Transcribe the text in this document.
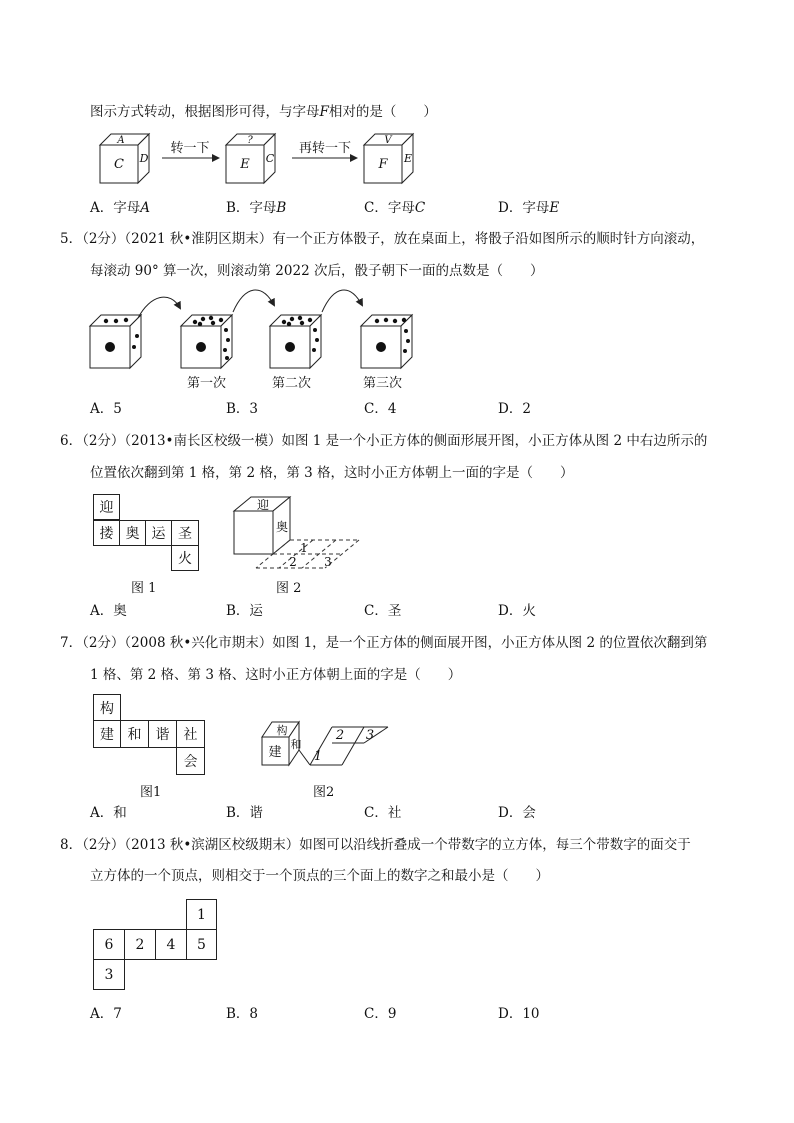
图示方式转动，根据图形可得，与字母F相对的是（　　）
A
C D
转一下
?
E C
再转一下
V
F E
A．字母A	B．字母B	C．字母C	D．字母E
5．（2分）（2021 秋•淮阴区期末）有一个正方体骰子，放在桌面上，将骰子沿如图所示的顺时针方向滚动，
每滚动 90° 算一次，则滚动第 2022 次后，骰子朝下一面的点数是（　　）
第一次	第二次	第三次
A．5	B．3	C．4	D．2
6．（2分）（2013•南长区校级一模）如图 1 是一个小正方体的侧面形展开图，小正方体从图 2 中右边所示的
位置依次翻到第 1 格，第 2 格，第 3 格，这时小正方体朝上一面的字是（　　）
迎
搂 奥 运 圣
火
图 1
迎
奥
1
2 3
图 2
A．奥	B．运	C．圣	D．火
7．（2分）（2008 秋•兴化市期末）如图 1，是一个正方体的侧面展开图，小正方体从图 2 的位置依次翻到第
1 格、第 2 格、第 3 格、这时小正方体朝上面的字是（　　）
构
建 和	谐	社
会
图1
构
建
和
1
2 3
图2
A．和	B．谐	C．社	D．会
8．（2分）（2013 秋•滨湖区校级期末）如图可以沿线折叠成一个带数字的立方体，每三个带数字的面交于
立方体的一个顶点，则相交于一个顶点的三个面上的数字之和最小是（　　）
1
6	2	4	5
3
A．7	B．8	C．9	D．10
